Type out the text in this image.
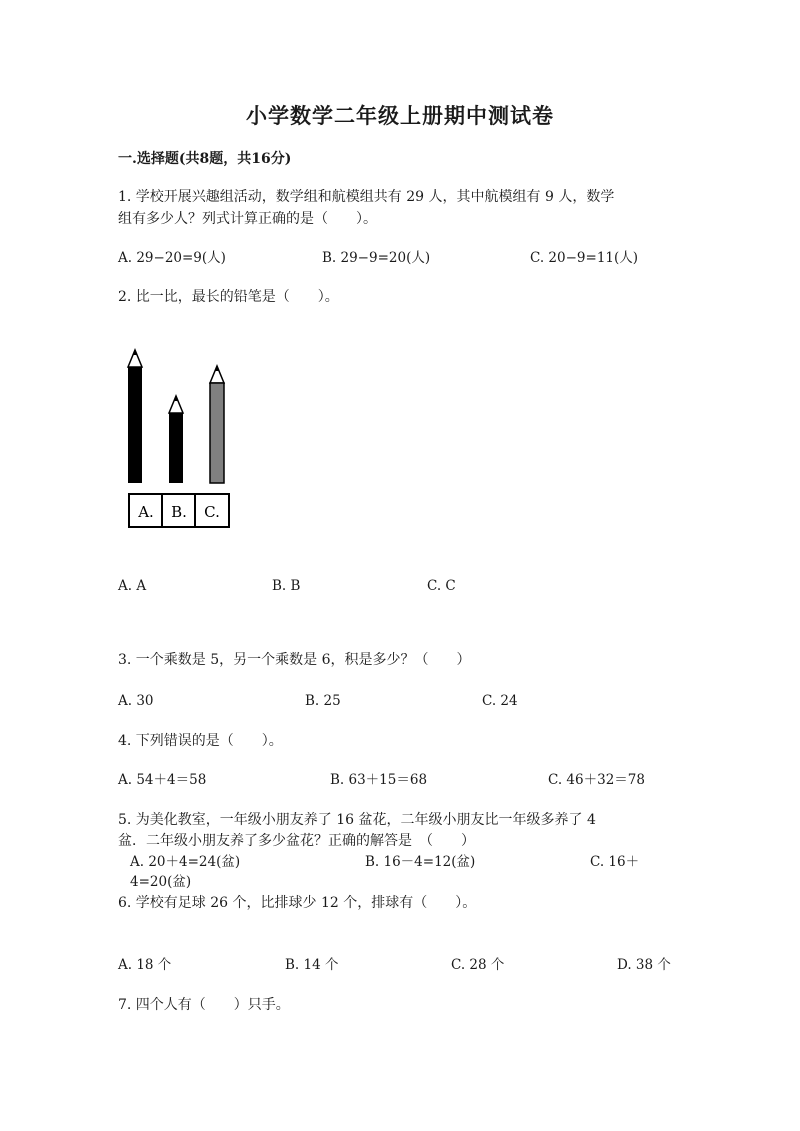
小学数学二年级上册期中测试卷
一.选择题(共8题，共16分)
1. 学校开展兴趣组活动，数学组和航模组共有 29 人，其中航模组有 9 人，数学
组有多少人？列式计算正确的是（　　）。
A. 29−20=9(人)	B. 29−9=20(人)	C. 20−9=11(人)
2. 比一比，最长的铅笔是（　　）。
A. B. C.
A. A	B. B	C. C
3. 一个乘数是 5，另一个乘数是 6，积是多少？（　　）
A. 30	B. 25	C. 24
4. 下列错误的是（　　）。
A. 54＋4＝58	B. 63＋15＝68	C. 46＋32＝78
5. 为美化教室，一年级小朋友养了 16 盆花，二年级小朋友比一年级多养了 4
盆．二年级小朋友养了多少盆花？正确的解答是　（　　）
A. 20＋4=24(盆)	B. 16－4=12(盆)	C. 16＋
4=20(盆)
6. 学校有足球 26 个，比排球少 12 个，排球有（　　）。
A. 18 个	B. 14 个	C. 28 个	D. 38 个
7. 四个人有（　　）只手。
